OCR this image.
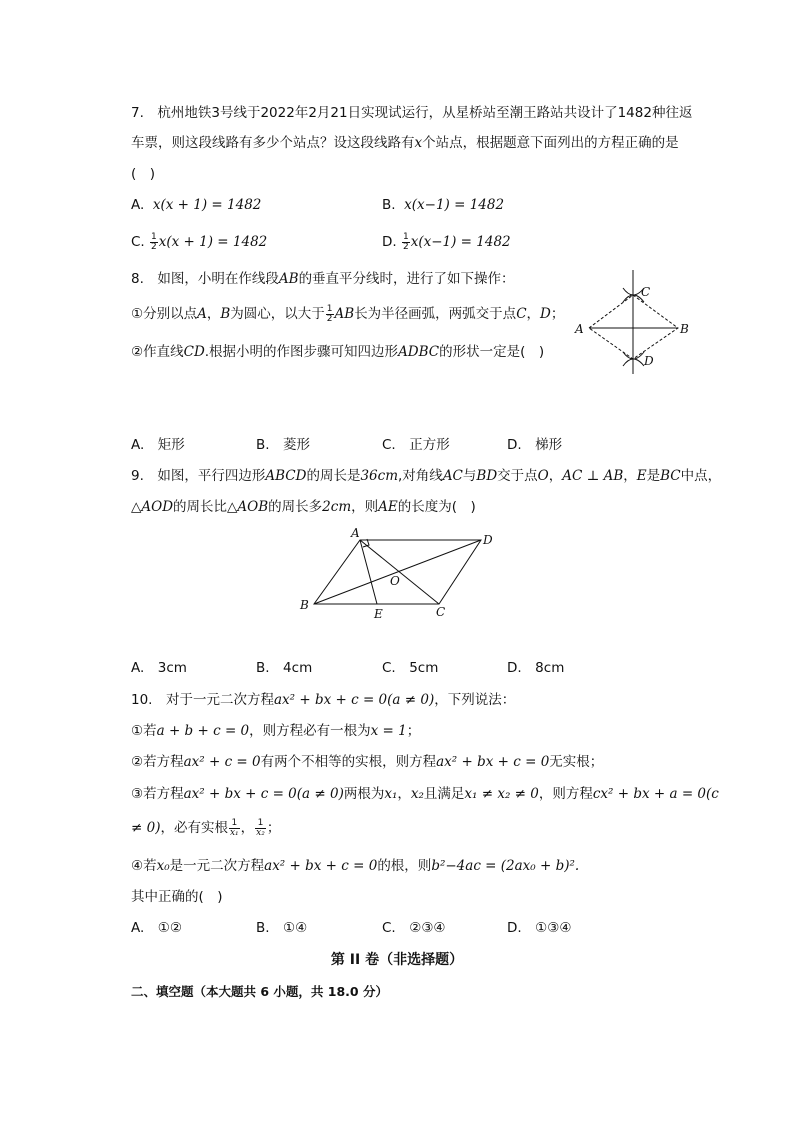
7.　杭州地铁3号线于2022年2月21日实现试运行，从星桥站至潮王路站共设计了1482种往返
车票，则这段线路有多少个站点？设这段线路有x个站点，根据题意下面列出的方程正确的是
(　)
A. x(x + 1) = 1482	B. x(x−1) = 1482
C. $\frac{1}{2} x(x + 1) = 1482$	D. $\frac{1}{2} x(x-1) = 1482$
8.　如图，小明在作线段AB的垂直平分线时，进行了如下操作：
①分别以点A，B为圆心，以大于 $\frac{1}{2}$ AB长为半径画弧，两弧交于点C，D；
②作直线CD.根据小明的作图步骤可知四边形ADBC的形状一定是(　)
C
A	B
D
A.　矩形	B.　菱形	C.　正方形	D.　梯形
9.　如图，平行四边形ABCD的周长是36cm,对角线AC与BD交于点O，AC ⊥ AB，E是BC中点，
△AOD的周长比△AOB的周长多2cm，则AE的长度为(　)
A	D
O
B
E	C
A.　3cm	B.　4cm	C.　5cm	D.　8cm
10.　对于一元二次方程ax² + bx + c = 0(a ≠ 0)，下列说法：
①若a + b + c = 0，则方程必有一根为x = 1；
②若方程ax² + c = 0有两个不相等的实根，则方程ax² + bx + c = 0无实根；
③若方程ax² + bx + c = 0(a ≠ 0)两根为x₁，x₂且满足x₁ ≠ x₂ ≠ 0，则方程cx² + bx + a = 0(c
≠ 0)，必有实根 $\frac{1}{\text{x₁}}$ ， $\frac{1}{\text{x₂}}$ ；
④若x₀是一元二次方程ax² + bx + c = 0的根，则b²−4ac = (2ax₀ + b)².
其中正确的(　)
A.　①②	B.　①④	C.　②③④	D.　①③④
第 II 卷（非选择题）
二、填空题（本大题共 6 小题，共 18.0 分）
